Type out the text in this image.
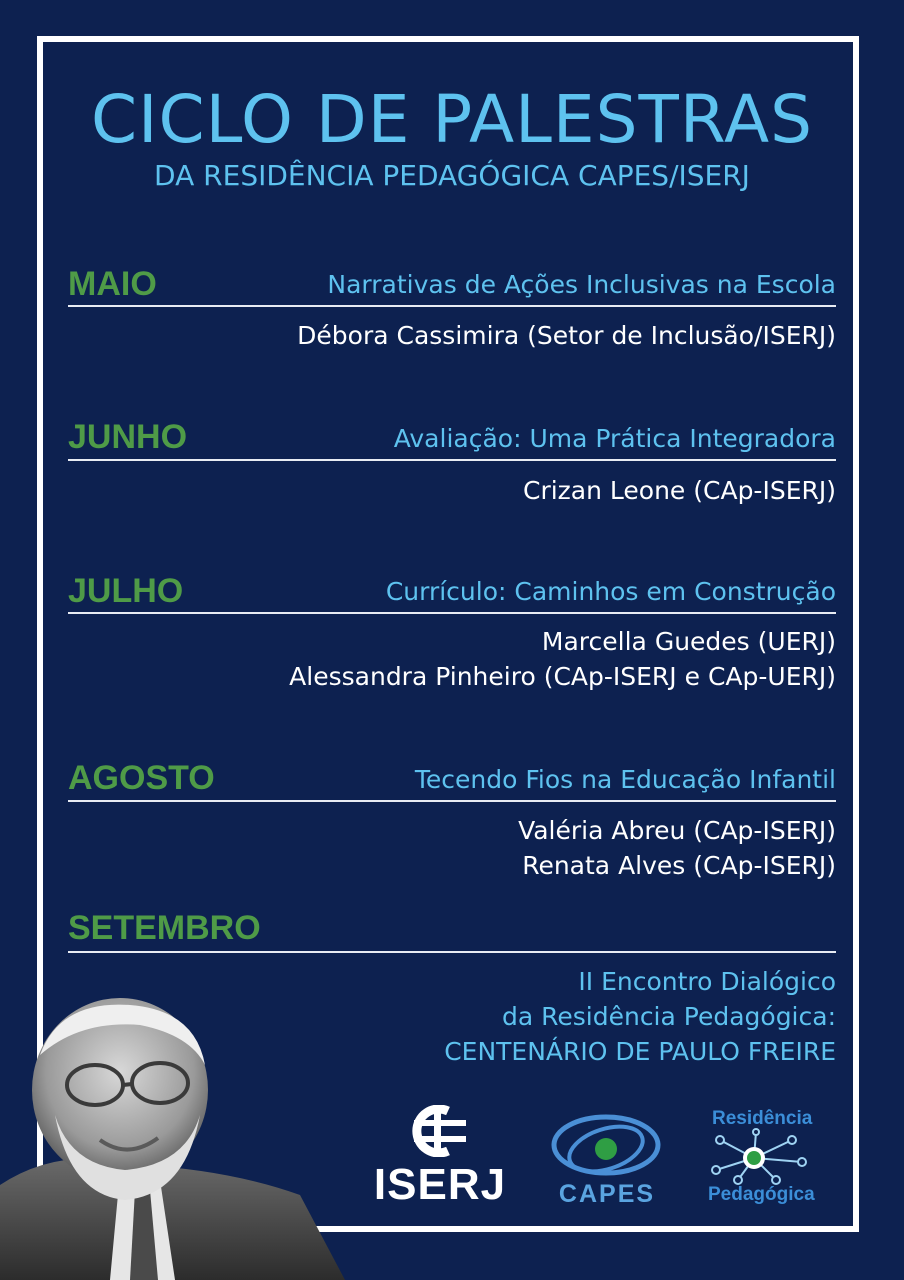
CICLO DE PALESTRAS
DA RESIDÊNCIA PEDAGÓGICA CAPES/ISERJ
MAIO	Narrativas de Ações Inclusivas na Escola
Débora Cassimira (Setor de Inclusão/ISERJ)
JUNHO	Avaliação: Uma Prática Integradora
Crizan Leone (CAp-ISERJ)
JULHO	Currículo: Caminhos em Construção
Marcella Guedes (UERJ)
Alessandra Pinheiro (CAp-ISERJ e CAp-UERJ)
AGOSTO	Tecendo Fios na Educação Infantil
Valéria Abreu (CAp-ISERJ)
Renata Alves (CAp-ISERJ)
SETEMBRO
II Encontro Dialógico
da Residência Pedagógica:
CENTENÁRIO DE PAULO FREIRE
ISERJ	CAPES
Residência
Pedagógica
